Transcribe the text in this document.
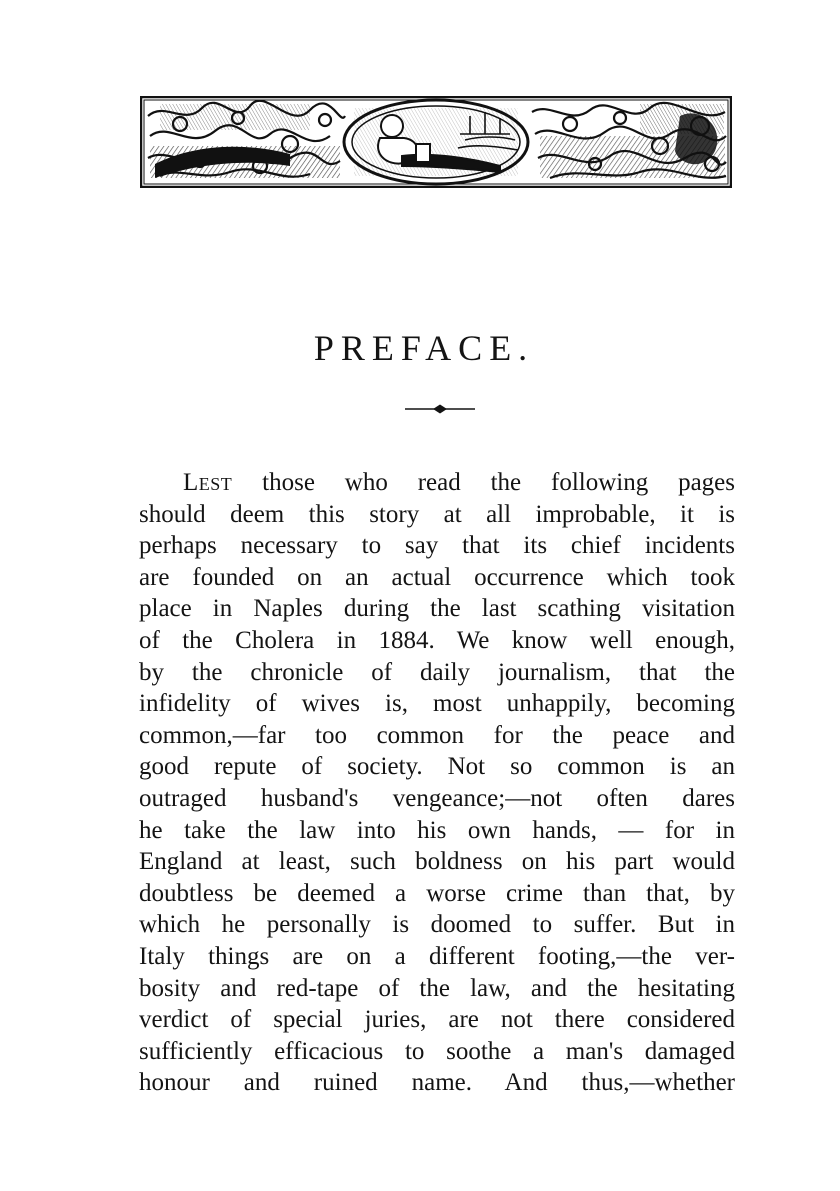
PREFACE.
Lest those who read the following pages
should deem this story at all improbable, it is
perhaps necessary to say that its chief incidents
are founded on an actual occurrence which took
place in Naples during the last scathing visitation
of the Cholera in 1884. We know well enough,
by the chronicle of daily journalism, that the
infidelity of wives is, most unhappily, becoming
common,—far too common for the peace and
good repute of society. Not so common is an
outraged husband's vengeance;—not often dares
he take the law into his own hands, — for in
England at least, such boldness on his part would
doubtless be deemed a worse crime than that, by
which he personally is doomed to suffer. But in
Italy things are on a different footing,—the ver-
bosity and red-tape of the law, and the hesitating
verdict of special juries, are not there considered
sufficiently efficacious to soothe a man's damaged
honour and ruined name. And thus,—whether
